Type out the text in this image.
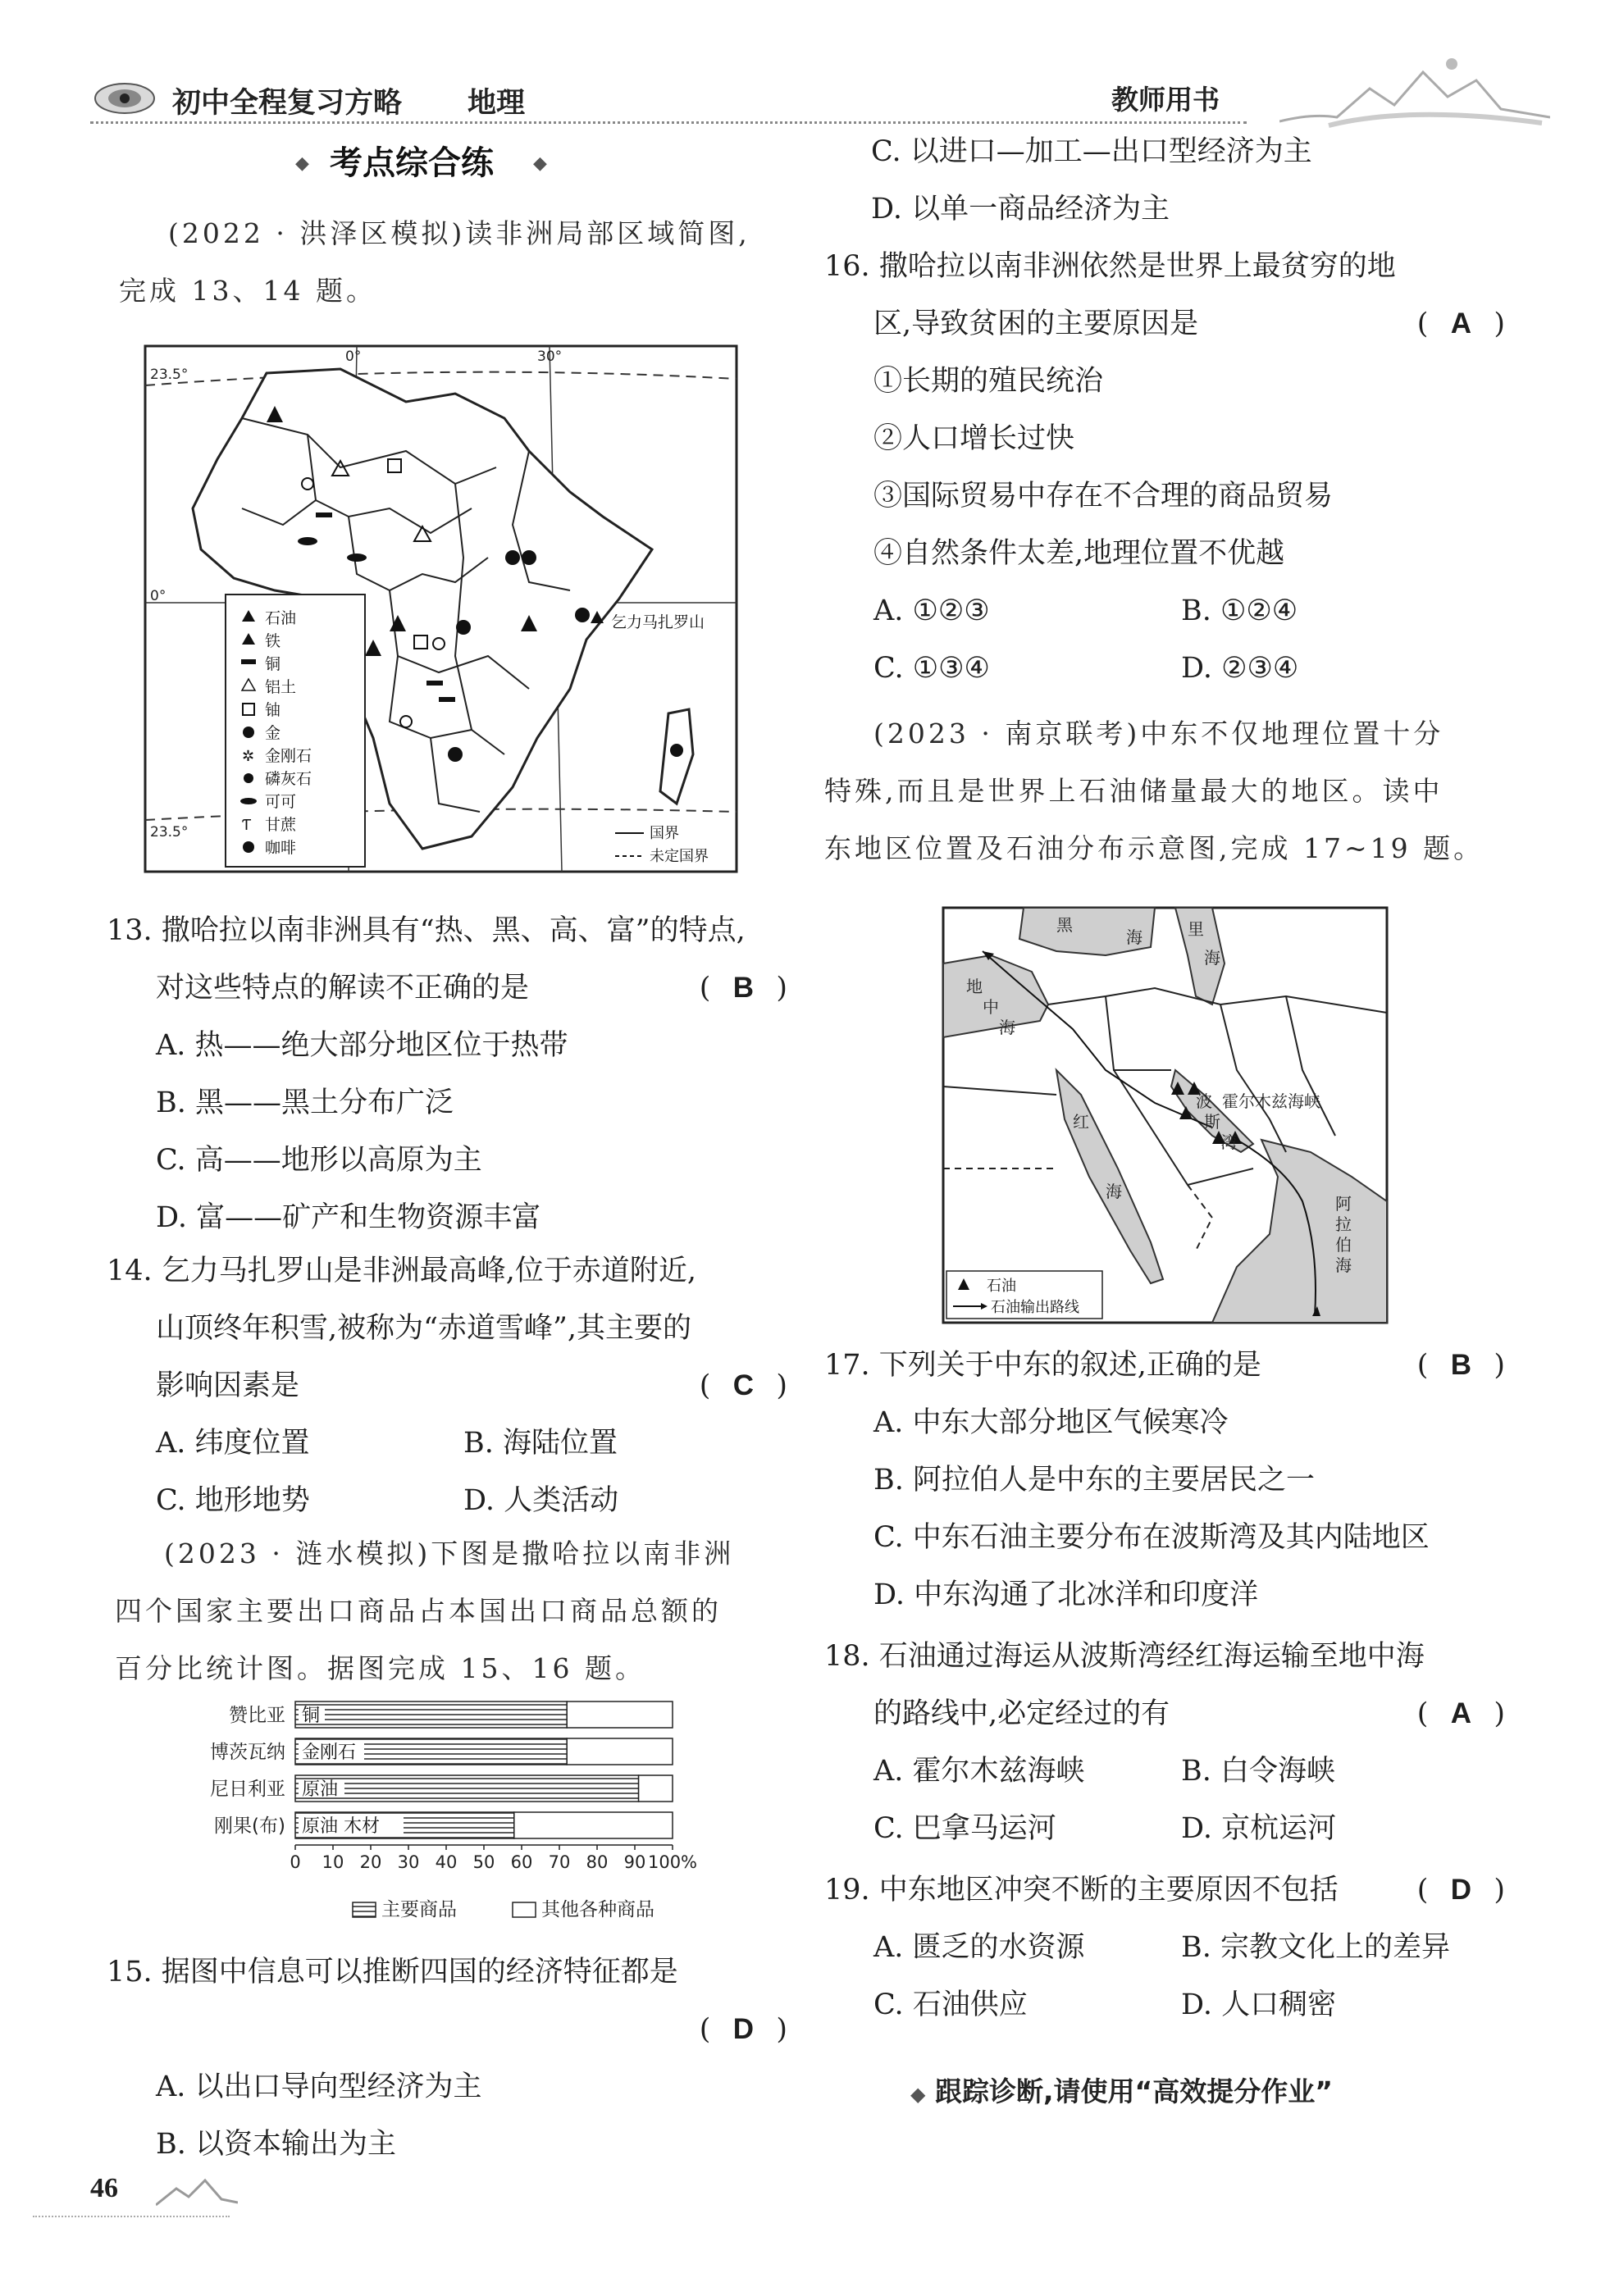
初中全程复习方略 地理	教师用书
◆ 考点综合练 ◆
(2022 · 洪泽区模拟)读非洲局部区域简图,
完成 13、14 题。
23.5°
0°
23.5°
0°	30°
乞力马扎罗山
✲
Ƭ
石油
铁
铜
铝土
铀
金
金刚石
磷灰石
可可
甘蔗
咖啡
国界
未定国界
13. 撒哈拉以南非洲具有“热、黑、高、富”的特点,
对这些特点的解读不正确的是	( B )
A. 热——绝大部分地区位于热带
B. 黑——黑土分布广泛
C. 高——地形以高原为主
D. 富——矿产和生物资源丰富
14. 乞力马扎罗山是非洲最高峰,位于赤道附近,
山顶终年积雪,被称为“赤道雪峰”,其主要的
影响因素是	( C )
A. 纬度位置	B. 海陆位置
C. 地形地势	D. 人类活动
(2023 · 涟水模拟)下图是撒哈拉以南非洲
四个国家主要出口商品占本国出口商品总额的
百分比统计图。据图完成 15、16 题。
赞比亚 铜
博茨瓦纳 金刚石
尼日利亚 原油
刚果(布) 原油 木材
0 10 20 30 40 50 60 70 80 90 100%
主要商品	其他各种商品
15. 据图中信息可以推断四国的经济特征都是
( D )
A. 以出口导向型经济为主
B. 以资本输出为主
46
C. 以进口—加工—出口型经济为主
D. 以单一商品经济为主
16. 撒哈拉以南非洲依然是世界上最贫穷的地
区,导致贫困的主要原因是	( A )
①长期的殖民统治
②人口增长过快
③国际贸易中存在不合理的商品贸易
④自然条件太差,地理位置不优越
A. ①②③	B. ①②④
C. ①③④	D. ②③④
(2023 · 南京联考)中东不仅地理位置十分
特殊,而且是世界上石油储量最大的地区。读中
东地区位置及石油分布示意图,完成 17~19 题。
黑
海	里
海
地
中
海
红
海
波
斯
湾
霍尔木兹海峡
阿
拉
伯
海
石油
石油输出路线
17. 下列关于中东的叙述,正确的是	( B )
A. 中东大部分地区气候寒冷
B. 阿拉伯人是中东的主要居民之一
C. 中东石油主要分布在波斯湾及其内陆地区
D. 中东沟通了北冰洋和印度洋
18. 石油通过海运从波斯湾经红海运输至地中海
的路线中,必定经过的有	( A )
A. 霍尔木兹海峡	B. 白令海峡
C. 巴拿马运河	D. 京杭运河
19. 中东地区冲突不断的主要原因不包括	( D )
A. 匮乏的水资源	B. 宗教文化上的差异
C. 石油供应	D. 人口稠密
◆ 跟踪诊断,请使用“高效提分作业”
